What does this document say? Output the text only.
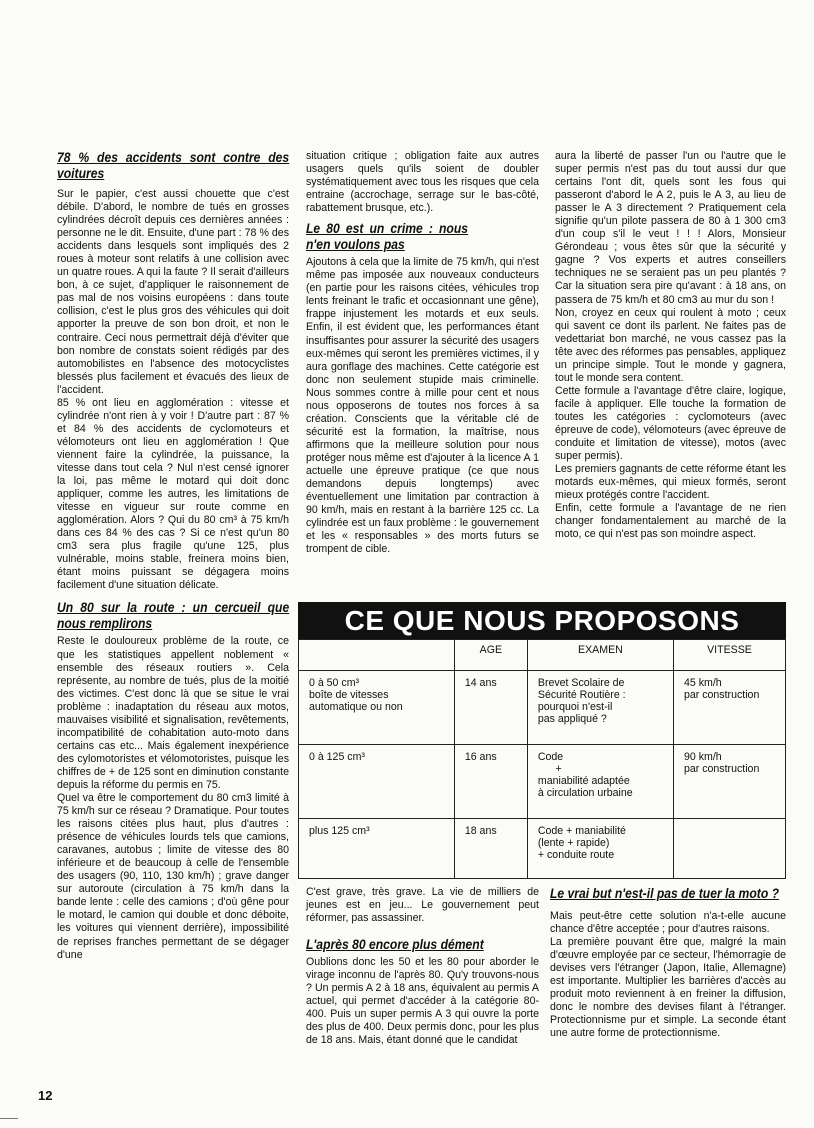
78 % des accidents sont contre des voitures

Sur le papier, c'est aussi chouette que c'est débile. D'abord, le nombre de tués en grosses cylindrées décroît depuis ces dernières années : personne ne le dit. Ensuite, d'une part : 78 % des accidents dans lesquels sont impliqués des 2 roues à moteur sont relatifs à une collision avec un quatre roues. A qui la faute ? Il serait d'ailleurs bon, à ce sujet, d'appliquer le raisonnement de pas mal de nos voisins européens : dans toute collision, c'est le plus gros des véhicules qui doit apporter la preuve de son bon droit, et non le contraire. Ceci nous permettrait déjà d'éviter que bon nombre de constats soient rédigés par des automobilistes en l'absence des motocyclistes blessés plus facilement et évacués des lieux de l'accident.

85 % ont lieu en agglomération : vitesse et cylindrée n'ont rien à y voir ! D'autre part : 87 % et 84 % des accidents de cyclomoteurs et vélomoteurs ont lieu en agglomération ! Que viennent faire la cylindrée, la puissance, la vitesse dans tout cela ? Nul n'est censé ignorer la loi, pas même le motard qui doit donc appliquer, comme les autres, les limitations de vitesse en vigueur sur route comme en agglomération. Alors ? Qui du 80 cm³ à 75 km/h dans ces 84 % des cas ? Si ce n'est qu'un 80 cm3 sera plus fragile qu'une 125, plus vulnérable, moins stable, freinera moins bien, étant moins puissant se dégagera moins facilement d'une situation délicate.

Un 80 sur la route : un cercueil que nous remplirons

Reste le douloureux problème de la route, ce que les statistiques appellent noblement « ensemble des réseaux routiers ». Cela représente, au nombre de tués, plus de la moitié des victimes. C'est donc là que se situe le vrai problème : inadaptation du réseau aux motos, mauvaises visibilité et signalisation, revêtements, incompatibilité de cohabitation auto-moto dans certains cas etc... Mais également inexpérience des cylomotoristes et vélomotoristes, puisque les chiffres de + de 125 sont en diminution constante depuis la réforme du permis en 75.

Quel va être le comportement du 80 cm3 limité à 75 km/h sur ce réseau ? Dramatique. Pour toutes les raisons citées plus haut, plus d'autres : présence de véhicules lourds tels que camions, caravanes, autobus ; limite de vitesse des 80 inférieure et de beaucoup à celle de l'ensemble des usagers (90, 110, 130 km/h) ; grave danger sur autoroute (circulation à 75 km/h dans la bande lente : celle des camions ; d'où gêne pour le motard, le camion qui double et donc déboite, les voitures qui viennent derrière), impossibilité de reprises franches permettant de se dégager d'une

situation critique ; obligation faite aux autres usagers quels qu'ils soient de doubler systématiquement avec tous les risques que cela entraine (accrochage, serrage sur le bas-côté, rabattement brusque, etc.).

Le 80 est un crime : nous n'en voulons pas

Ajoutons à cela que la limite de 75 km/h, qui n'est même pas imposée aux nouveaux conducteurs (en partie pour les raisons citées, véhicules trop lents freinant le trafic et occasionnant une gêne), frappe injustement les motards et eux seuls. Enfin, il est évident que, les performances étant insuffisantes pour assurer la sécurité des usagers eux-mêmes qui seront les premières victimes, il y aura gonflage des machines. Cette catégorie est donc non seulement stupide mais criminelle. Nous sommes contre à mille pour cent et nous nous opposerons de toutes nos forces à sa création. Conscients que la véritable clé de sécurité est la formation, la maîtrise, nous affirmons que la meilleure solution pour nous protéger nous même est d'ajouter à la licence A 1 actuelle une épreuve pratique (ce que nous demandons depuis longtemps) avec éventuellement une limitation par contraction à 90 km/h, mais en restant à la barrière 125 cc. La cylindrée est un faux problème : le gouvernement et les « responsables » des morts futurs se trompent de cible.

aura la liberté de passer l'un ou l'autre que le super permis n'est pas du tout aussi dur que certains l'ont dit, quels sont les fous qui passeront d'abord le A 2, puis le A 3, au lieu de passer le A 3 directement ? Pratiquement cela signifie qu'un pilote passera de 80 à 1 300 cm3 d'un coup s'il le veut ! ! ! Alors, Monsieur Gérondeau ; vous êtes sûr que la sécurité y gagne ? Vos experts et autres conseillers techniques ne se seraient pas un peu plantés ? Car la situation sera pire qu'avant : à 18 ans, on passera de 75 km/h et 80 cm3 au mur du son !

Non, croyez en ceux qui roulent à moto ; ceux qui savent ce dont ils parlent. Ne faites pas de vedettariat bon marché, ne vous cassez pas la tête avec des réformes pas pensables, appliquez un principe simple. Tout le monde y gagnera, tout le monde sera content.

Cette formule a l'avantage d'être claire, logique, facile à appliquer. Elle touche la formation de toutes les catégories : cyclomoteurs (avec épreuve de code), vélomoteurs (avec épreuve de conduite et limitation de vitesse), motos (avec super permis).

Les premiers gagnants de cette réforme étant les motards eux-mêmes, qui mieux formés, seront mieux protégés contre l'accident.

Enfin, cette formule a l'avantage de ne rien changer fondamentalement au marché de la moto, ce qui n'est pas son moindre aspect.

CE QUE NOUS PROPOSONS
	AGE	EXAMEN	VITESSE
0 à 50 cm³
boîte de vitesses
automatique ou non	14 ans	Brevet Scolaire de
Sécurité Routière :
pourquoi n'est-il
pas appliqué ?	45 km/h
par construction
0 à 125 cm³	16 ans	Code
+
maniabilité adaptée
à circulation urbaine	90 km/h
par construction
plus 125 cm³	18 ans	Code + maniabilité
(lente + rapide)
+ conduite route	

C'est grave, très grave. La vie de milliers de jeunes est en jeu... Le gouvernement peut réformer, pas assassiner.

L'après 80 encore plus dément

Oublions donc les 50 et les 80 pour aborder le virage inconnu de l'après 80. Qu'y trouvons-nous ? Un permis A 2 à 18 ans, équivalent au permis A actuel, qui permet d'accéder à la catégorie 80-400. Puis un super permis A 3 qui ouvre la porte des plus de 400. Deux permis donc, pour les plus de 18 ans. Mais, étant donné que le candidat

Le vrai but n'est-il pas de tuer la moto ?

Mais peut-être cette solution n'a-t-elle aucune chance d'être acceptée ; pour d'autres raisons.

La première pouvant être que, malgré la main d'œuvre employée par ce secteur, l'hémorragie de devises vers l'étranger (Japon, Italie, Allemagne) est importante. Multiplier les barrières d'accès au produit moto reviennent à en freiner la diffusion, donc le nombre des devises filant à l'étranger. Protectionnisme pur et simple. La seconde étant une autre forme de protectionnisme.

12
